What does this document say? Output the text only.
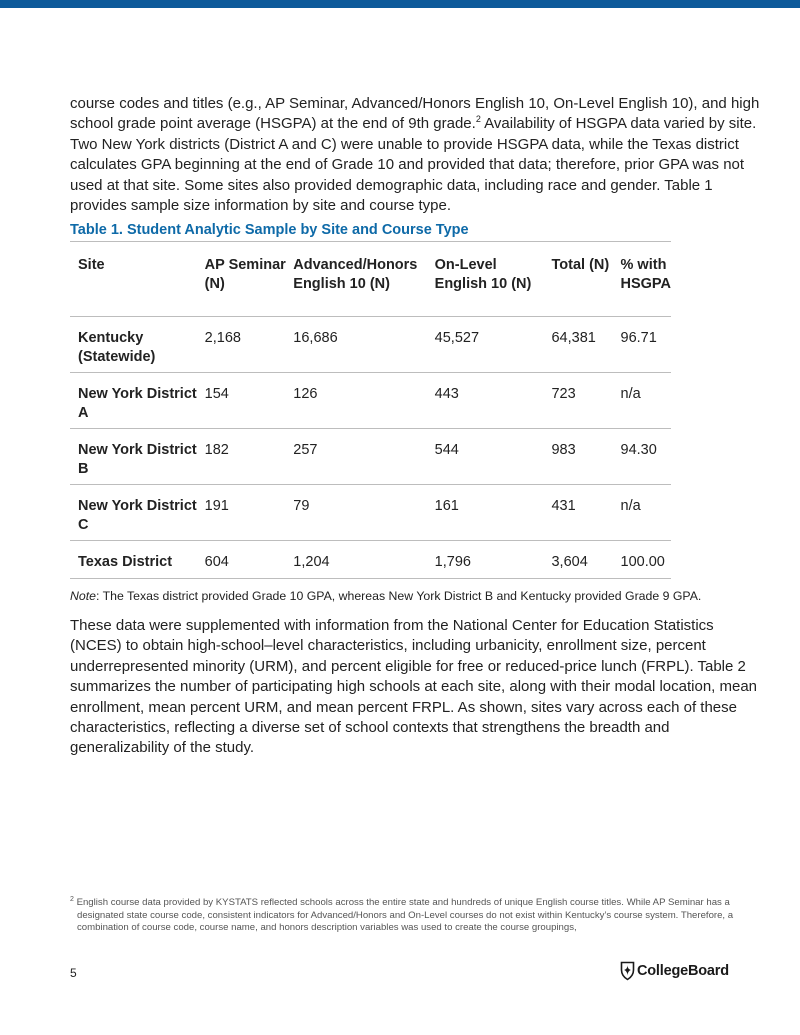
course codes and titles (e.g., AP Seminar, Advanced/Honors English 10, On-Level English 10), and high school grade point average (HSGPA) at the end of 9th grade.$^2$ Availability of HSGPA data varied by site. Two New York districts (District A and C) were unable to provide HSGPA data, while the Texas district calculates GPA beginning at the end of Grade 10 and provided that data; therefore, prior GPA was not used at that site. Some sites also provided demographic data, including race and gender. Table 1 provides sample size information by site and course type.

Table 1. Student Analytic Sample by Site and Course Type
Site	AP Seminar (N)	Advanced/Honors English 10 (N)	On-Level English 10 (N)	Total (N)	% with HSGPA
Kentucky (Statewide)	2,168	16,686	45,527	64,381	96.71
New York District A	154	126	443	723	n/a
New York District B	182	257	544	983	94.30
New York District C	191	79	161	431	n/a
Texas District	604	1,204	1,796	3,604	100.00

Note: The Texas district provided Grade 10 GPA, whereas New York District B and Kentucky provided Grade 9 GPA.

These data were supplemented with information from the National Center for Education Statistics (NCES) to obtain high-school–level characteristics, including urbanicity, enrollment size, percent underrepresented minority (URM), and percent eligible for free or reduced-price lunch (FRPL). Table 2 summarizes the number of participating high schools at each site, along with their modal location, mean enrollment, mean percent URM, and mean percent FRPL. As shown, sites vary across each of these characteristics, reflecting a diverse set of school contexts that strengthens the breadth and generalizability of the study.

$^2$ English course data provided by KYSTATS reflected schools across the entire state and hundreds of unique English course titles. While AP Seminar has a designated state course code, consistent indicators for Advanced/Honors and On-Level courses do not exist within Kentucky’s course system. Therefore, a combination of course code, course name, and honors description variables was used to create the course groupings,

5	CollegeBoard
